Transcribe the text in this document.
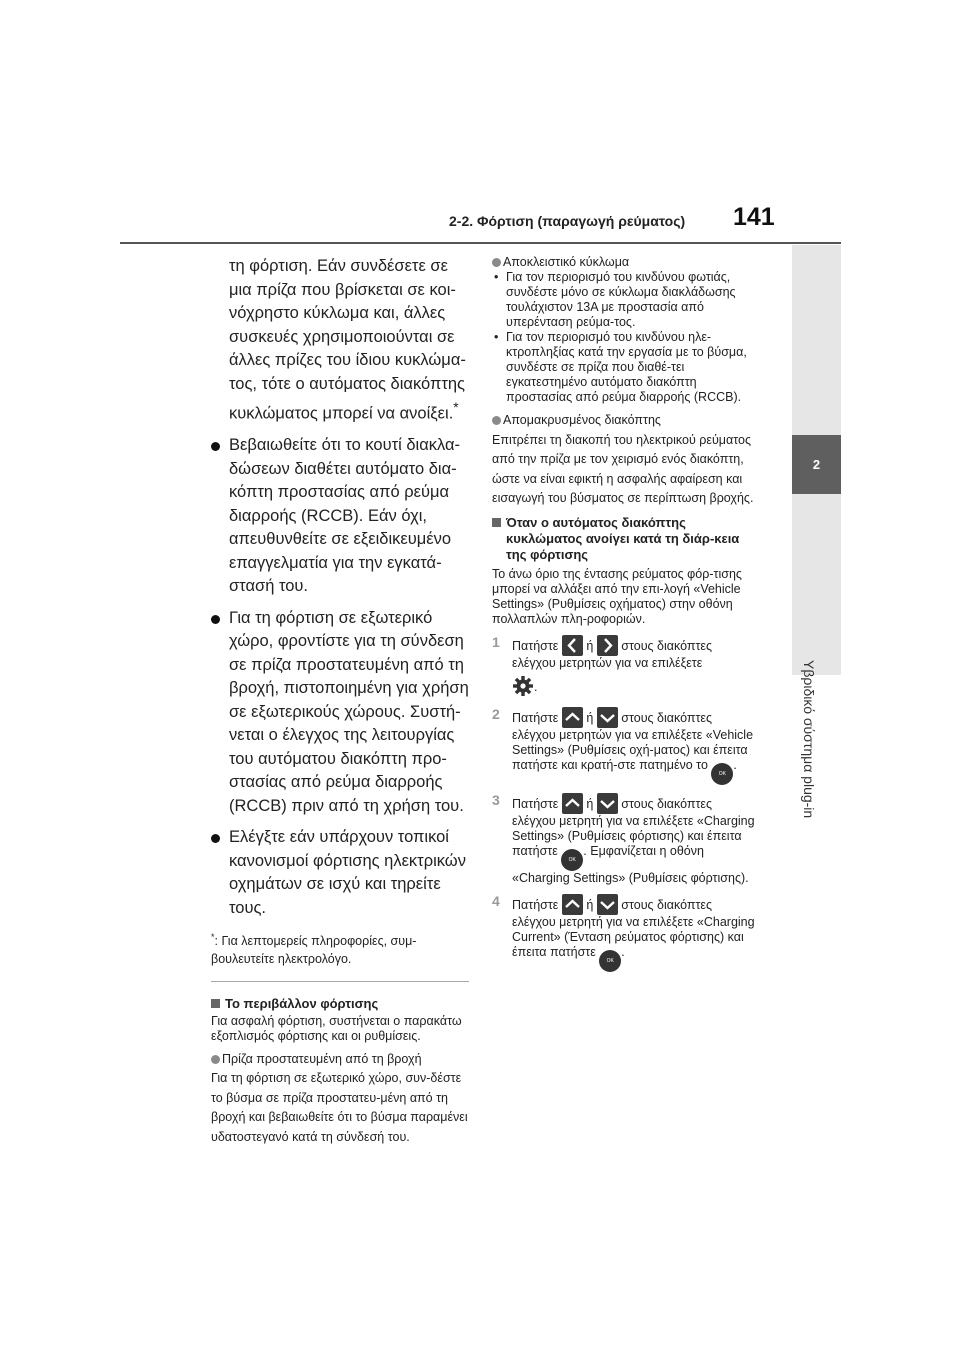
2-2. Φόρτιση (παραγωγή ρεύματος) 141
2
Υβριδικό σύστημα plug-in

τη φόρτιση. Εάν συνδέσετε σε μια πρίζα που βρίσκεται σε κοι-νόχρηστο κύκλωμα και, άλλες συσκευές χρησιμοποιούνται σε άλλες πρίζες του ίδιου κυκλώμα-τος, τότε ο αυτόματος διακόπτης κυκλώματος μπορεί να ανοίξει.*

Βεβαιωθείτε ότι το κουτί διακλα-δώσεων διαθέτει αυτόματο δια-κόπτη προστασίας από ρεύμα διαρροής (RCCB). Εάν όχι, απευθυνθείτε σε εξειδικευμένο επαγγελματία για την εγκατά-στασή του.

Για τη φόρτιση σε εξωτερικό χώρο, φροντίστε για τη σύνδεση σε πρίζα προστατευμένη από τη βροχή, πιστοποιημένη για χρήση σε εξωτερικούς χώρους. Συστή-νεται ο έλεγχος της λειτουργίας του αυτόματου διακόπτη προ-στασίας από ρεύμα διαρροής (RCCB) πριν από τη χρήση του.

Ελέγξτε εάν υπάρχουν τοπικοί κανονισμοί φόρτισης ηλεκτρικών οχημάτων σε ισχύ και τηρείτε τους.

*: Για λεπτομερείς πληροφορίες, συμ-βουλευτείτε ηλεκτρολόγο.

Το περιβάλλον φόρτισης

Για ασφαλή φόρτιση, συστήνεται ο παρακάτω εξοπλισμός φόρτισης και οι ρυθμίσεις.

Πρίζα προστατευμένη από τη βροχή

Για τη φόρτιση σε εξωτερικό χώρο, συν-δέστε το βύσμα σε πρίζα προστατευ-μένη από τη βροχή και βεβαιωθείτε ότι το βύσμα παραμένει υδατοστεγανό κατά τη σύνδεσή του.

Αποκλειστικό κύκλωμα

• Για τον περιορισμό του κινδύνου φωτιάς, συνδέστε μόνο σε κύκλωμα διακλάδωσης τουλάχιστον 13A με προστασία από υπερένταση ρεύμα-τος.
• Για τον περιορισμό του κινδύνου ηλε-κτροπληξίας κατά την εργασία με το βύσμα, συνδέστε σε πρίζα που διαθέ-τει εγκατεστημένο αυτόματο διακόπτη προστασίας από ρεύμα διαρροής (RCCB).

Απομακρυσμένος διακόπτης

Επιτρέπει τη διακοπή του ηλεκτρικού ρεύματος από την πρίζα με τον χειρισμό ενός διακόπτη, ώστε να είναι εφικτή η ασφαλής αφαίρεση και εισαγωγή του βύσματος σε περίπτωση βροχής.

Όταν ο αυτόματος διακόπτης κυκλώματος ανοίγει κατά τη διάρ-κεια της φόρτισης

Το άνω όριο της έντασης ρεύματος φόρ-τισης μπορεί να αλλάξει από την επι-λογή «Vehicle Settings» (Ρυθμίσεις οχήματος) στην οθόνη πολλαπλών πλη-ροφοριών.

1 Πατήστε ή στους διακόπτες ελέγχου μετρητών για να επιλέξετε
.
2 Πατήστε ή στους διακόπτες ελέγχου μετρητών για να επιλέξετε «Vehicle Settings» (Ρυθμίσεις οχή-ματος) και έπειτα πατήστε και κρατή-στε πατημένο το OK.
3 Πατήστε ή στους διακόπτες ελέγχου μετρητή για να επιλέξετε «Charging Settings» (Ρυθμίσεις φόρτισης) και έπειτα πατήστε OK. Εμφανίζεται η οθόνη «Charging Settings» (Ρυθμίσεις φόρτισης).
4 Πατήστε ή στους διακόπτες ελέγχου μετρητή για να επιλέξετε «Charging Current» (Ένταση ρεύματος φόρτισης) και έπειτα πατήστε OK.
